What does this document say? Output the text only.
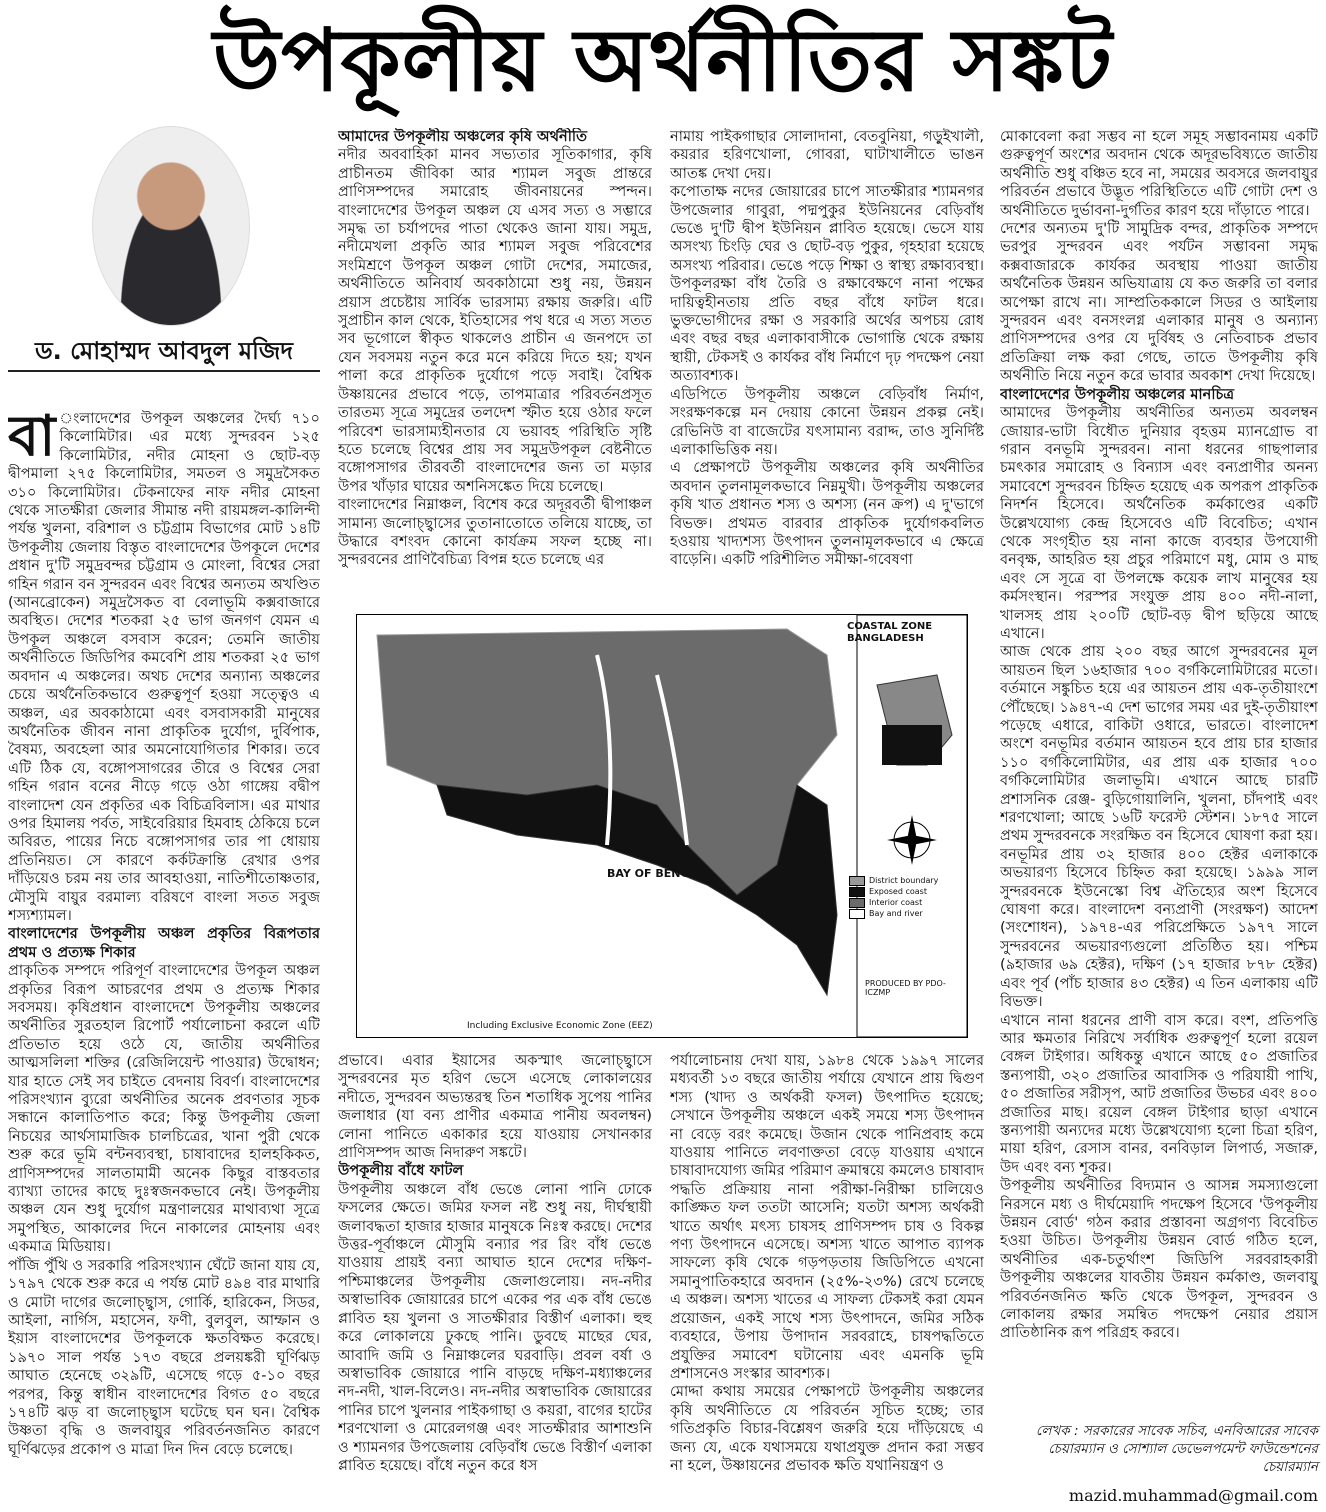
উপকূলীয় অর্থনীতির সঙ্কট
ড. মোহাম্মদ আবদুল মজিদ
বা ংলাদেশের উপকূল অঞ্চলের দৈর্ঘ্য ৭১০ কিলোমিটার। এর মধ্যে সুন্দরবন ১২৫ কিলোমিটার, নদীর মোহনা ও ছোট-বড় দ্বীপমালা ২৭৫ কিলোমিটার, সমতল ও সমুদ্রসৈকত ৩১০ কিলোমিটার। টেকনাফের নাফ নদীর মোহনা থেকে সাতক্ষীরা জেলার সীমান্ত নদী রায়মঙ্গল-কালিন্দী পর্যন্ত খুলনা, বরিশাল ও চট্টগ্রাম বিভাগের মোট ১৪টি উপকূলীয় জেলায় বিস্তৃত বাংলাদেশের উপকূলে দেশের প্রধান দু'টি সমুদ্রবন্দর চট্টগ্রাম ও মোংলা, বিশ্বের সেরা গহিন গরান বন সুন্দরবন এবং বিশ্বের অন্যতম অখণ্ডিত (আনব্রোকেন) সমুদ্রসৈকত বা বেলাভূমি কক্সবাজারে অবস্থিত। দেশের শতকরা ২৫ ভাগ জনগণ যেমন এ উপকূল অঞ্চলে বসবাস করেন; তেমনি জাতীয় অর্থনীতিতে জিডিপির কমবেশি প্রায় শতকরা ২৫ ভাগ অবদান এ অঞ্চলের। অথচ দেশের অন্যান্য অঞ্চলের চেয়ে অর্থনৈতিকভাবে গুরুত্বপূর্ণ হওয়া সত্ত্বেও এ অঞ্চল, এর অবকাঠামো এবং বসবাসকারী মানুষের অর্থনৈতিক জীবন নানা প্রাকৃতিক দুর্যোগ, দুর্বিপাক, বৈষম্য, অবহেলা আর অমনোযোগিতার শিকার। তবে এটি ঠিক যে, বঙ্গোপসাগরের তীরে ও বিশ্বের সেরা গহিন গরান বনের নীড়ে গড়ে ওঠা গাঙ্গেয় বদ্বীপ বাংলাদেশ যেন প্রকৃতির এক বিচিত্রবিলাস। এর মাথার ওপর হিমালয় পর্বত, সাইবেরিয়ার হিমবাহ ঠেকিয়ে চলে অবিরত, পায়ের নিচে বঙ্গোপসাগর তার পা ধোয়ায় প্রতিনিয়ত। সে কারণে কর্কটক্রান্তি রেখার ওপর দাঁড়িয়েও চরম নয় তার আবহাওয়া, নাতিশীতোষ্ণতার, মৌসুমি বায়ুর বরমাল্য বরিষণে বাংলা সতত সবুজ শস্যশ্যামল।

বাংলাদেশের উপকূলীয় অঞ্চল প্রকৃতির বিরূপতার প্রথম ও প্রত্যক্ষ শিকার

প্রাকৃতিক সম্পদে পরিপূর্ণ বাংলাদেশের উপকূল অঞ্চল প্রকৃতির বিরূপ আচরণের প্রথম ও প্রত্যক্ষ শিকার সবসময়। কৃষিপ্রধান বাংলাদেশে উপকূলীয় অঞ্চলের অর্থনীতির সুরতহাল রিপোর্ট পর্যালোচনা করলে এটি প্রতিভাত হয়ে ওঠে যে, জাতীয় অর্থনীতির আত্মসলিলা শক্তির (রেজিলিয়েন্ট পাওয়ার) উদ্বোধন; যার হাতে সেই সব চাইতে বেদনায় বিবর্ণ। বাংলাদেশের পরিসংখ্যান ব্যুরো অর্থনীতির অনেক প্রবণতার সূচক সন্ধানে কালাতিপাত করে; কিন্তু উপকূলীয় জেলা নিচয়ের আর্থসামাজিক চালচিত্রের, খানা পুরী থেকে শুরু করে ভূমি বন্টনব্যবস্থা, চাষাবাদের হালহকিকত, প্রাণিসম্পদের সালতামামী অনেক কিছুর বাস্তবতার ব্যাখ্যা তাদের কাছে দুঃস্বজনকভাবে নেই। উপকূলীয় অঞ্চল যেন শুধু দুর্যোগ মন্ত্রণালয়ের মাথাব্যথা সূত্রে সমুপস্থিত, আকালের দিনে নাকালের মোহনায় এবং একমাত্র মিডিয়ায়।

পাঁজি পুঁথি ও সরকারি পরিসংখ্যান ঘেঁটে জানা যায় যে, ১৭৯৭ থেকে শুরু করে এ পর্যন্ত মোট ৪৯৪ বার মাথারি ও মোটা দাগের জলোচ্ছ্বাস, গোর্কি, হারিকেন, সিডর, আইলা, নার্গিস, মহাসেন, ফণী, বুলবুল, আম্ফান ও ইয়াস বাংলাদেশের উপকূলকে ক্ষতবিক্ষত করেছে। ১৯৭০ সাল পর্যন্ত ১৭৩ বছরে প্রলয়ঙ্করী ঘূর্ণিঝড় আঘাত হেনেছে ৩২৯টি, এসেছে গড়ে ৫-১০ বছর পরপর, কিন্তু স্বাধীন বাংলাদেশের বিগত ৫০ বছরে ১৭৪টি ঝড় বা জলোচ্ছ্বাস ঘটেছে ঘন ঘন। বৈশ্বিক উষ্ণতা বৃদ্ধি ও জলবায়ুর পরিবর্তনজনিত কারণে ঘূর্ণিঝড়ের প্রকোপ ও মাত্রা দিন দিন বেড়ে চলেছে।

আমাদের উপকূলীয় অঞ্চলের কৃষি অর্থনীতি

নদীর অববাহিকা মানব সভ্যতার সূতিকাগার, কৃষি প্রাচীনতম জীবিকা আর শ্যামল সবুজ প্রান্তরে প্রাণিসম্পদের সমারোহ জীবনায়নের স্পন্দন। বাংলাদেশের উপকূল অঞ্চল যে এসব সত্য ও সম্ভারে সমৃদ্ধ তা চর্যাপদের পাতা থেকেও জানা যায়। সমুদ্র, নদীমেখলা প্রকৃতি আর শ্যামল সবুজ পরিবেশের সংমিশ্রণে উপকূল অঞ্চল গোটা দেশের, সমাজের, অর্থনীতিতে অনিবার্য অবকাঠামো শুধু নয়, উন্নয়ন প্রয়াস প্রচেষ্টায় সার্বিক ভারসাম্য রক্ষায় জরুরি। এটি সুপ্রাচীন কাল থেকে, ইতিহাসের পথ ধরে এ সত্য সতত সব ভূগোলে স্বীকৃত থাকলেও প্রাচীন এ জনপদে তা যেন সবসময় নতুন করে মনে করিয়ে দিতে হয়; যখন পালা করে প্রাকৃতিক দুর্যোগে পড়ে সবাই। বৈশ্বিক উষ্ণায়নের প্রভাবে পড়ে, তাপমাত্রার পরিবর্তনপ্রসূত তারতম্য সূত্রে সমুদ্রের তলদেশ স্ফীত হয়ে ওঠার ফলে পরিবেশ ভারসাম্যহীনতার যে ভয়াবহ পরিস্থিতি সৃষ্টি হতে চলেছে বিশ্বের প্রায় সব সমুদ্রউপকূল বেষ্টনীতে বঙ্গোপসাগর তীরবর্তী বাংলাদেশের জন্য তা মড়ার উপর খাঁড়ার ঘায়ের অশনিসঙ্কেত দিয়ে চলেছে।

বাংলাদেশের নিম্নাঞ্চল, বিশেষ করে অদূরবর্তী দ্বীপাঞ্চল সামান্য জলোচ্ছ্বাসের তুতানাতোতে তলিয়ে যাচ্ছে, তা উদ্ধারে বশংবদ কোনো কার্যক্রম সফল হচ্ছে না। সুন্দরবনের প্রাণিবৈচিত্র্য বিপন্ন হতে চলেছে এর

নামায় পাইকগাছার সোলাদানা, বেতবুনিয়া, গড়ুইখালী, কয়রার হরিণখোলা, গোবরা, ঘাটাখালীতে ভাঙন আতঙ্ক দেখা দেয়।

কপোতাক্ষ নদের জোয়ারের চাপে সাতক্ষীরার শ্যামনগর উপজেলার গাবুরা, পদ্মপুকুর ইউনিয়নের বেড়িবাঁধ ভেঙে দু'টি দ্বীপ ইউনিয়ন প্লাবিত হয়েছে। ভেসে যায় অসংখ্য চিংড়ি ঘের ও ছোট-বড় পুকুর, গৃহহারা হয়েছে অসংখ্য পরিবার। ভেঙে পড়ে শিক্ষা ও স্বাস্থ্য রক্ষাব্যবস্থা। উপকূলরক্ষা বাঁধ তৈরি ও রক্ষাবেক্ষণে নানা পক্ষের দায়িত্বহীনতায় প্রতি বছর বাঁধে ফাটল ধরে। ভুক্তভোগীদের রক্ষা ও সরকারি অর্থের অপচয় রোধ এবং বছর বছর এলাকাবাসীকে ভোগান্তি থেকে রক্ষায় স্থায়ী, টেকসই ও কার্যকর বাঁধ নির্মাণে দৃঢ় পদক্ষেপ নেয়া অত্যাবশ্যক।

এডিপিতে উপকূলীয় অঞ্চলে বেড়িবাঁধ নির্মাণ, সংরক্ষণকল্পে মন দেয়ায় কোনো উন্নয়ন প্রকল্প নেই। রেভিনিউ বা বাজেটের যৎসামান্য বরাদ্দ, তাও সুনির্দিষ্ট এলাকাভিত্তিক নয়।

এ প্রেক্ষাপটে উপকূলীয় অঞ্চলের কৃষি অর্থনীতির অবদান তুলনামূলকভাবে নিম্নমুখী। উপকূলীয় অঞ্চলের কৃষি খাত প্রধানত শস্য ও অশস্য (নন ক্রপ) এ দু'ভাগে বিভক্ত। প্রথমত বারবার প্রাকৃতিক দুর্যোগকবলিত হওয়ায় খাদ্যশস্য উৎপাদন তুলনামূলকভাবে এ ক্ষেত্রে বাড়েনি। একটি পরিশীলিত সমীক্ষা-গবেষণা

মোকাবেলা করা সম্ভব না হলে সমূহ সম্ভাবনাময় একটি গুরুত্বপূর্ণ অংশের অবদান থেকে অদূরভবিষ্যতে জাতীয় অর্থনীতি শুধু বঞ্চিত হবে না, সময়ের অবসরে জলবায়ুর পরিবর্তন প্রভাবে উদ্ভূত পরিস্থিতিতে এটি গোটা দেশ ও অর্থনীতিতে দুর্ভাবনা-দুর্গতির কারণ হয়ে দাঁড়াতে পারে।

দেশের অন্যতম দু'টি সামুদ্রিক বন্দর, প্রাকৃতিক সম্পদে ভরপুর সুন্দরবন এবং পর্যটন সম্ভাবনা সমৃদ্ধ কক্সবাজারকে কার্যকর অবস্থায় পাওয়া জাতীয় অর্থনৈতিক উন্নয়ন অভিযাত্রায় যে কত জরুরি তা বলার অপেক্ষা রাখে না। সাম্প্রতিককালে সিডর ও আইলায় সুন্দরবন এবং বনসংলগ্ন এলাকার মানুষ ও অন্যান্য প্রাণিসম্পদের ওপর যে দুর্বিষহ ও নেতিবাচক প্রভাব প্রতিক্রিয়া লক্ষ করা গেছে, তাতে উপকূলীয় কৃষি অর্থনীতি নিয়ে নতুন করে ভাবার অবকাশ দেখা দিয়েছে।

বাংলাদেশের উপকূলীয় অঞ্চলের মানচিত্র

আমাদের উপকূলীয় অর্থনীতির অন্যতম অবলম্বন জোয়ার-ভাটা বিধৌত দুনিয়ার বৃহত্তম ম্যানগ্রোভ বা গরান বনভূমি সুন্দরবন। নানা ধরনের গাছপালার চমৎকার সমারোহ ও বিন্যাস এবং বন্যপ্রাণীর অনন্য সমাবেশে সুন্দরবন চিহ্নিত হয়েছে এক অপরূপ প্রাকৃতিক নিদর্শন হিসেবে। অর্থনৈতিক কর্মকাণ্ডের একটি উল্লেখযোগ্য কেন্দ্র হিসেবেও এটি বিবেচিত; এখান থেকে সংগৃহীত হয় নানা কাজে ব্যবহার উপযোগী বনবৃক্ষ, আহরিত হয় প্রচুর পরিমাণে মধু, মোম ও মাছ এবং সে সূত্রে বা উপলক্ষে কয়েক লাখ মানুষের হয় কর্মসংস্থান। পরস্পর সংযুক্ত প্রায় ৪০০ নদী-নালা, খালসহ প্রায় ২০০টি ছোট-বড় দ্বীপ ছড়িয়ে আছে এখানে।

আজ থেকে প্রায় ২০০ বছর আগে সুন্দরবনের মূল আয়তন ছিল ১৬হাজার ৭০০ বর্গকিলোমিটারের মতো। বর্তমানে সঙ্কুচিত হয়ে এর আয়তন প্রায় এক-তৃতীয়াংশে পৌঁছেছে। ১৯৪৭-এ দেশ ভাগের সময় এর দুই-তৃতীয়াংশ পড়েছে এধারে, বাকিটা ওধারে, ভারতে। বাংলাদেশ অংশে বনভূমির বর্তমান আয়তন হবে প্রায় চার হাজার ১১০ বর্গকিলোমিটার, এর প্রায় এক হাজার ৭০০ বর্গকিলোমিটার জলাভূমি। এখানে আছে চারটি প্রশাসনিক রেঞ্জ- বুড়িগোয়ালিনি, খুলনা, চাঁদপাই এবং শরণখোলা; আছে ১৬টি ফরেস্ট স্টেশন। ১৮৭৫ সালে প্রথম সুন্দরবনকে সংরক্ষিত বন হিসেবে ঘোষণা করা হয়। বনভূমির প্রায় ৩২ হাজার ৪০০ হেক্টর এলাকাকে অভয়ারণ্য হিসেবে চিহ্নিত করা হয়েছে। ১৯৯৯ সাল সুন্দরবনকে ইউনেস্কো বিশ্ব ঐতিহ্যের অংশ হিসেবে ঘোষণা করে। বাংলাদেশ বন্যপ্রাণী (সংরক্ষণ) আদেশ (সংশোধন), ১৯৭৪-এর পরিপ্রেক্ষিতে ১৯৭৭ সালে সুন্দরবনের অভয়ারণ্যগুলো প্রতিষ্ঠিত হয়। পশ্চিম (৯হাজার ৬৯ হেক্টর), দক্ষিণ (১৭ হাজার ৮৭৮ হেক্টর) এবং পূর্ব (পাঁচ হাজার ৪৩ হেক্টর) এ তিন এলাকায় এটি বিভক্ত।

এখানে নানা ধরনের প্রাণী বাস করে। বংশ, প্রতিপত্তি আর ক্ষমতার নিরিখে সর্বাধিক গুরুত্বপূর্ণ হলো রয়েল বেঙ্গল টাইগার। অধিকন্তু এখানে আছে ৫০ প্রজাতির স্তন্যপায়ী, ৩২০ প্রজাতির আবাসিক ও পরিযায়ী পাখি, ৫০ প্রজাতির সরীসৃপ, আট প্রজাতির উভচর এবং ৪০০ প্রজাতির মাছ। রয়েল বেঙ্গল টাইগার ছাড়া এখানে স্তন্যপায়ী অন্যদের মধ্যে উল্লেখযোগ্য হলো চিত্রা হরিণ, মায়া হরিণ, রেসাস বানর, বনবিড়াল লিপার্ড, সজারু, উদ এবং বন্য শূকর।

উপকূলীয় অর্থনীতির বিদ্যমান ও আসন্ন সমস্যাগুলো নিরসনে মধ্য ও দীর্ঘমেয়াদি পদক্ষেপ হিসেবে 'উপকূলীয় উন্নয়ন বোর্ড' গঠন করার প্রস্তাবনা অগ্রগণ্য বিবেচিত হওয়া উচিত। উপকূলীয় উন্নয়ন বোর্ড গঠিত হলে, অর্থনীতির এক-চতুর্থাংশ জিডিপি সরবরাহকারী উপকূলীয় অঞ্চলের যাবতীয় উন্নয়ন কর্মকাণ্ড, জলবায়ু পরিবর্তনজনিত ক্ষতি থেকে উপকূল, সুন্দরবন ও লোকালয় রক্ষার সমন্বিত পদক্ষেপ নেয়ার প্রয়াস প্রাতিষ্ঠানিক রূপ পরিগ্রহ করবে।

প্রভাবে। এবার ইয়াসের অকস্মাৎ জলোচ্ছ্বাসে সুন্দরবনের মৃত হরিণ ভেসে এসেছে লোকালয়ের নদীতে, সুন্দরবন অভ্যন্তরস্থ তিন শতাধিক সুপেয় পানির জলাধার (যা বন্য প্রাণীর একমাত্র পানীয় অবলম্বন) লোনা পানিতে একাকার হয়ে যাওয়ায় সেখানকার প্রাণিসম্পদ আজ নিদারুণ সঙ্কটে।

উপকূলীয় বাঁধে ফাটল

উপকূলীয় অঞ্চলে বাঁধ ভেঙে লোনা পানি ঢোকে ফসলের ক্ষেতে। জমির ফসল নষ্ট শুধু নয়, দীর্ঘস্থায়ী জলাবদ্ধতা হাজার হাজার মানুষকে নিঃস্ব করছে। দেশের উত্তর-পূর্বাঞ্চলে মৌসুমি বন্যার পর রিং বাঁধ ভেঙে যাওয়ায় প্রায়ই বন্যা আঘাত হানে দেশের দক্ষিণ-পশ্চিমাঞ্চলের উপকূলীয় জেলাগুলোয়। নদ-নদীর অস্বাভাবিক জোয়ারের চাপে একের পর এক বাঁধ ভেঙে প্লাবিত হয় খুলনা ও সাতক্ষীরার বিস্তীর্ণ এলাকা। হুহু করে লোকালয়ে ঢুকছে পানি। ডুবছে মাছের ঘের, আবাদি জমি ও নিম্নাঞ্চলের ঘরবাড়ি। প্রবল বর্ষা ও অস্বাভাবিক জোয়ারে পানি বাড়ছে দক্ষিণ-মধ্যাঞ্চলের নদ-নদী, খাল-বিলেও। নদ-নদীর অস্বাভাবিক জোয়ারের পানির চাপে খুলনার পাইকগাছা ও কয়রা, বাগের হাটের শরণখোলা ও মোরেলগঞ্জ এবং সাতক্ষীরার আশাশুনি ও শ্যামনগর উপজেলায় বেড়িবাঁধ ভেঙে বিস্তীর্ণ এলাকা প্লাবিত হয়েছে। বাঁধে নতুন করে ধস

পর্যালোচনায় দেখা যায়, ১৯৮৪ থেকে ১৯৯৭ সালের মধ্যবর্তী ১৩ বছরে জাতীয় পর্যায়ে যেখানে প্রায় দ্বিগুণ শস্য (খাদ্য ও অর্থকরী ফসল) উৎপাদিত হয়েছে; সেখানে উপকূলীয় অঞ্চলে একই সময়ে শস্য উৎপাদন না বেড়ে বরং কমেছে। উজান থেকে পানিপ্রবাহ কমে যাওয়ায় পানিতে লবণাক্ততা বেড়ে যাওয়ায় এখানে চাষাবাদযোগ্য জমির পরিমাণ ক্রমান্বয়ে কমলেও চাষাবাদ পদ্ধতি প্রক্রিয়ায় নানা পরীক্ষা-নিরীক্ষা চালিয়েও কাঙ্ক্ষিত ফল ততটা আসেনি; যতটা অশস্য অর্থকরী খাতে অর্থাৎ মৎস্য চাষসহ প্রাণিসম্পদ চাষ ও বিকল্প পণ্য উৎপাদনে এসেছে। অশস্য খাতে আপাত ব্যাপক সাফল্যে কৃষি থেকে গড়পড়তায় জিডিপিতে এখনো সমানুপাতিকহারে অবদান (২৫%-২৩%) রেখে চলেছে এ অঞ্চল। অশস্য খাতের এ সাফল্য টেকসই করা যেমন প্রয়োজন, একই সাথে শস্য উৎপাদনে, জমির সঠিক ব্যবহারে, উপায় উপাদান সরবরাহে, চাষপদ্ধতিতে প্রযুক্তির সমাবেশ ঘটানোয় এবং এমনকি ভূমি প্রশাসনেও সংস্কার আবশ্যক।

মোদ্দা কথায় সময়ের পেক্ষাপটে উপকূলীয় অঞ্চলের কৃষি অর্থনীতিতে যে পরিবর্তন সূচিত হচ্ছে; তার গতিপ্রকৃতি বিচার-বিশ্লেষণ জরুরি হয়ে দাঁড়িয়েছে এ জন্য যে, একে যথাসময়ে যথাপ্রযুক্ত প্রদান করা সম্ভব না হলে, উষ্ণায়নের প্রভাবক ক্ষতি যথানিয়ন্ত্রণ ও

COASTAL ZONE BANGLADESH
BAY OF BENGAL
District boundary
Exposed coast
Interior coast
Bay and river
Including Exclusive Economic Zone (EEZ)
PRODUCED BY PDO-ICZMP
লেখক : সরকারের সাবেক সচিব, এনবিআরের সাবেক চেয়ারম্যান ও সোশ্যাল ডেভেলপমেন্ট ফাউন্ডেশনের চেয়ারম্যান
mazid.muhammad@gmail.com
